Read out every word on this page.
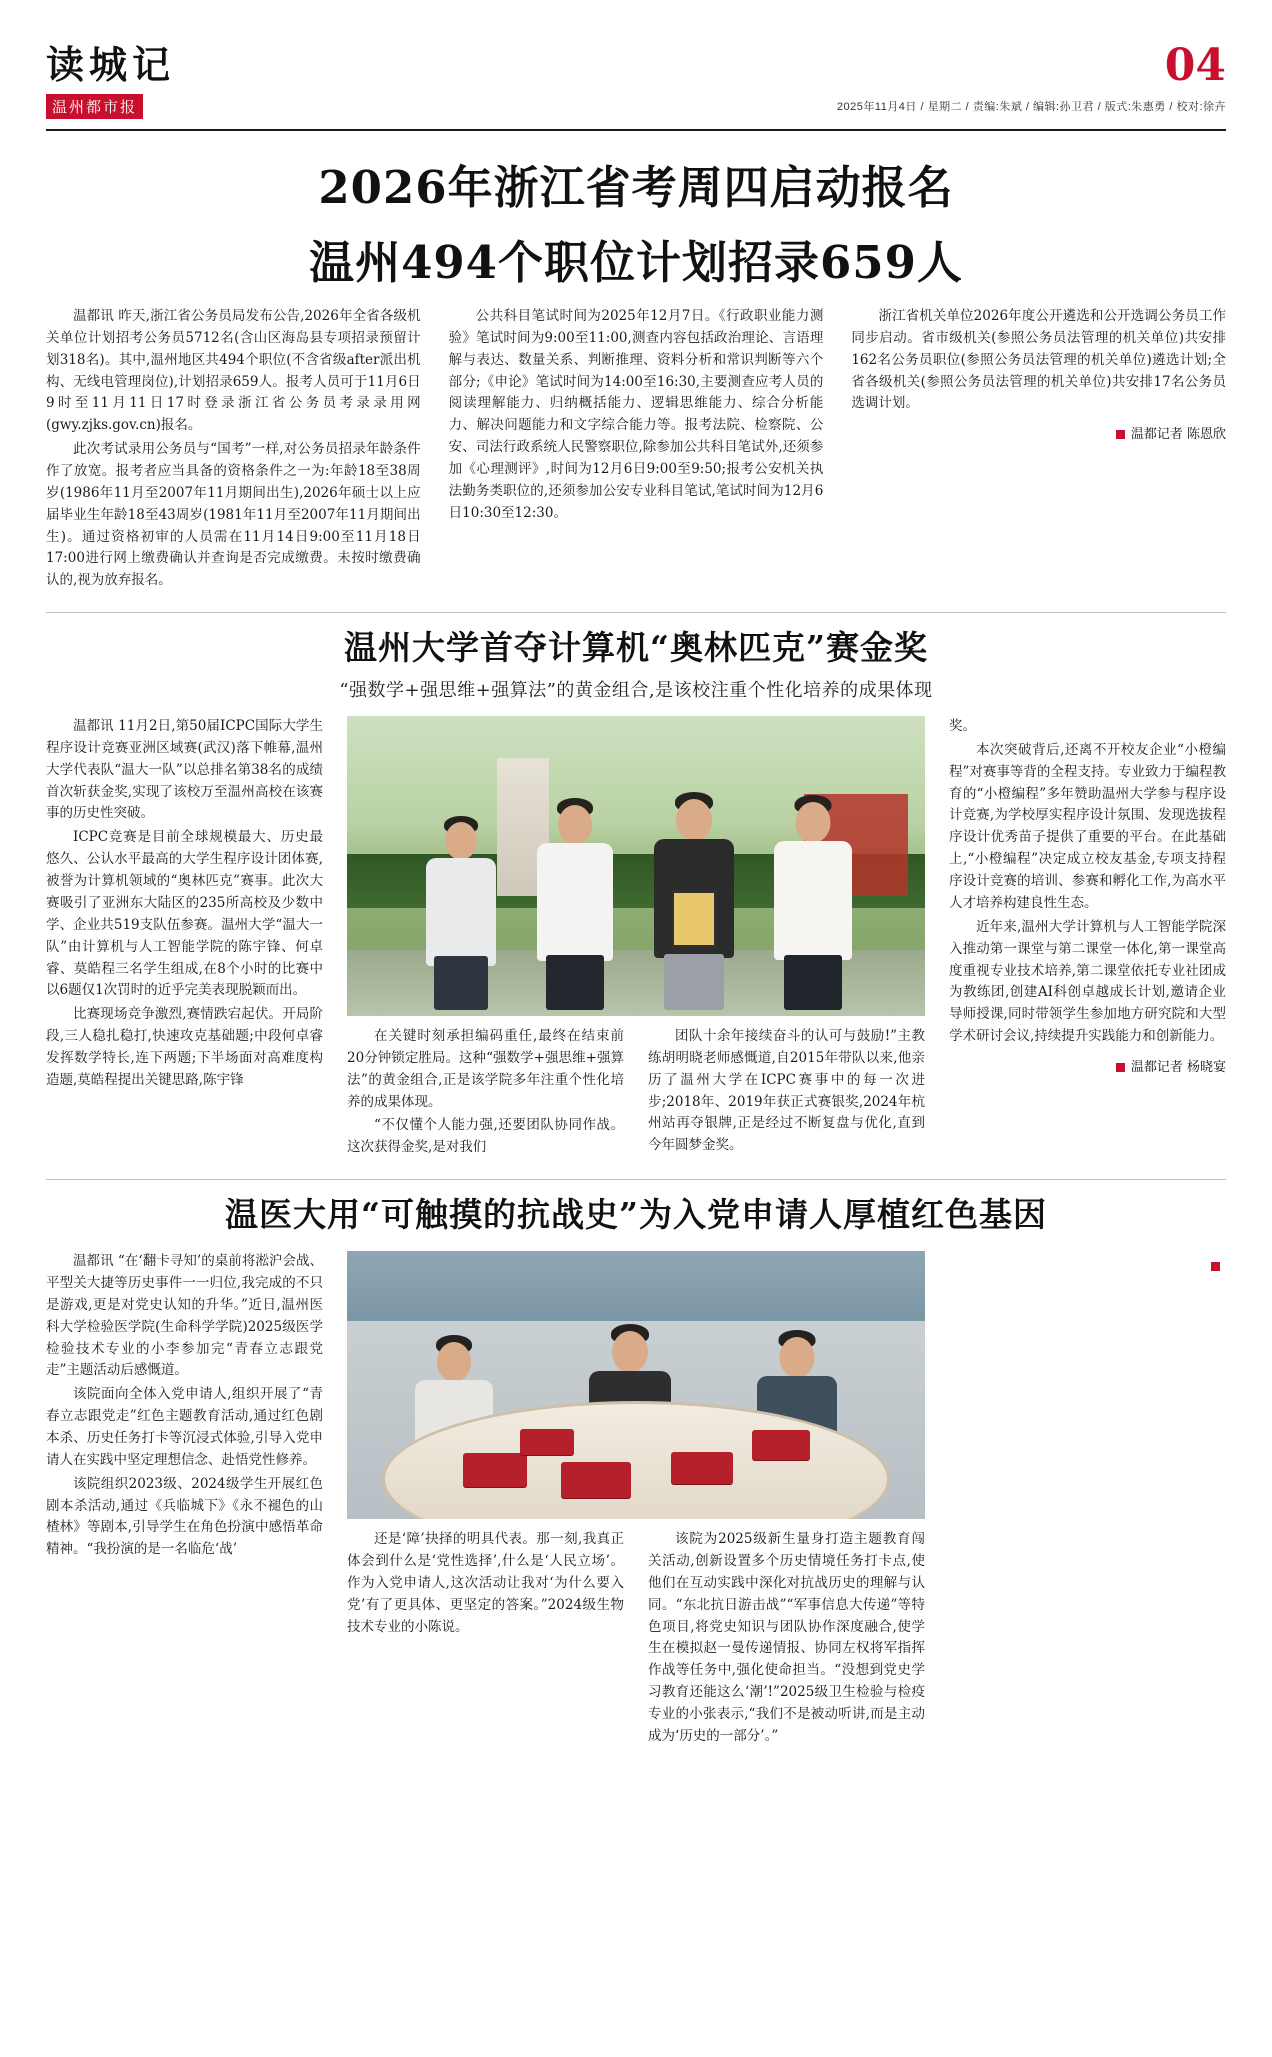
读城记
温州都市报
04
2025年11月4日 / 星期二 / 责编:朱斌 / 编辑:孙卫君 / 版式:朱惠勇 / 校对:徐卉
2026年浙江省考周四启动报名
温州494个职位计划招录659人

温都讯 昨天,浙江省公务员局发布公告,2026年全省各级机关单位计划招考公务员5712名(含山区海岛县专项招录预留计划318名)。其中,温州地区共494个职位(不含省级after派出机构、无线电管理岗位),计划招录659人。报考人员可于11月6日9时至11月11日17时登录浙江省公务员考录录用网(gwy.zjks.gov.cn)报名。

此次考试录用公务员与“国考”一样,对公务员招录年龄条件作了放宽。报考者应当具备的资格条件之一为:年龄18至38周岁(1986年11月至2007年11月期间出生),2026年硕士以上应届毕业生年龄18至43周岁(1981年11月至2007年11月期间出生)。通过资格初审的人员需在11月14日9:00至11月18日17:00进行网上缴费确认并查询是否完成缴费。未按时缴费确认的,视为放弃报名。

公共科目笔试时间为2025年12月7日。《行政职业能力测验》笔试时间为9:00至11:00,测查内容包括政治理论、言语理解与表达、数量关系、判断推理、资料分析和常识判断等六个部分;《申论》笔试时间为14:00至16:30,主要测查应考人员的阅读理解能力、归纳概括能力、逻辑思维能力、综合分析能力、解决问题能力和文字综合能力等。报考法院、检察院、公安、司法行政系统人民警察职位,除参加公共科目笔试外,还须参加《心理测评》,时间为12月6日9:00至9:50;报考公安机关执法勤务类职位的,还须参加公安专业科目笔试,笔试时间为12月6日10:30至12:30。

浙江省机关单位2026年度公开遴选和公开选调公务员工作同步启动。省市级机关(参照公务员法管理的机关单位)共安排162名公务员职位(参照公务员法管理的机关单位)遴选计划;全省各级机关(参照公务员法管理的机关单位)共安排17名公务员选调计划。

温都记者 陈恩欣
温州大学首夺计算机“奥林匹克”赛金奖
“强数学+强思维+强算法”的黄金组合,是该校注重个性化培养的成果体现

温都讯 11月2日,第50届ICPC国际大学生程序设计竞赛亚洲区域赛(武汉)落下帷幕,温州大学代表队“温大一队”以总排名第38名的成绩首次斩获金奖,实现了该校万至温州高校在该赛事的历史性突破。

ICPC竞赛是目前全球规模最大、历史最悠久、公认水平最高的大学生程序设计团体赛,被誉为计算机领域的“奥林匹克”赛事。此次大赛吸引了亚洲东大陆区的235所高校及少数中学、企业共519支队伍参赛。温州大学“温大一队”由计算机与人工智能学院的陈宇锋、何卓睿、莫皓程三名学生组成,在8个小时的比赛中以6题仅1次罚时的近乎完美表现脱颖而出。

比赛现场竞争激烈,赛情跌宕起伏。开局阶段,三人稳扎稳打,快速攻克基础题;中段何卓睿发挥数学特长,连下两题;下半场面对高难度构造题,莫皓程提出关键思路,陈宇锋

在关键时刻承担编码重任,最终在结束前20分钟锁定胜局。这种“强数学+强思维+强算法”的黄金组合,正是该学院多年注重个性化培养的成果体现。

“不仅懂个人能力强,还要团队协同作战。这次获得金奖,是对我们

团队十余年接续奋斗的认可与鼓励!”主教练胡明晓老师感慨道,自2015年带队以来,他亲历了温州大学在ICPC赛事中的每一次进步;2018年、2019年获正式赛银奖,2024年杭州站再夺银牌,正是经过不断复盘与优化,直到今年圆梦金奖。

奖。

本次突破背后,还离不开校友企业“小橙编程”对赛事等背的全程支持。专业致力于编程教育的“小橙编程”多年赞助温州大学参与程序设计竞赛,为学校厚实程序设计氛围、发现选拔程序设计优秀苗子提供了重要的平台。在此基础上,“小橙编程”决定成立校友基金,专项支持程序设计竞赛的培训、参赛和孵化工作,为高水平人才培养构建良性生态。

近年来,温州大学计算机与人工智能学院深入推动第一课堂与第二课堂一体化,第一课堂高度重视专业技术培养,第二课堂依托专业社团成为教练团,创建AI科创卓越成长计划,邀请企业导师授课,同时带领学生参加地方研究院和大型学术研讨会议,持续提升实践能力和创新能力。

温都记者 杨晓宴
温医大用“可触摸的抗战史”为入党申请人厚植红色基因

温都讯 “在‘翻卡寻知’的桌前将淞沪会战、平型关大捷等历史事件一一归位,我完成的不只是游戏,更是对党史认知的升华。”近日,温州医科大学检验医学院(生命科学学院)2025级医学检验技术专业的小李参加完“青春立志跟党走”主题活动后感慨道。

该院面向全体入党申请人,组织开展了“青春立志跟党走”红色主题教育活动,通过红色剧本杀、历史任务打卡等沉浸式体验,引导入党申请人在实践中坚定理想信念、赴悟党性修养。

该院组织2023级、2024级学生开展红色剧本杀活动,通过《兵临城下》《永不褪色的山楂林》等剧本,引导学生在角色扮演中感悟革命精神。“我扮演的是一名临危‘战’

还是‘障’抉择的明具代表。那一刻,我真正体会到什么是‘党性选择’,什么是‘人民立场’。作为入党申请人,这次活动让我对‘为什么要入党’有了更具体、更坚定的答案。”2024级生物技术专业的小陈说。

该院为2025级新生量身打造主题教育闯关活动,创新设置多个历史情境任务打卡点,使他们在互动实践中深化对抗战历史的理解与认同。“东北抗日游击战”“军事信息大传递”等特色项目,将党史知识与团队协作深度融合,使学生在模拟赵一曼传递情报、协同左权将军指挥作战等任务中,强化使命担当。“没想到党史学习教育还能这么‘潮’!”2025级卫生检验与检疫专业的小张表示,“我们不是被动听讲,而是主动成为‘历史的一部分’。”
